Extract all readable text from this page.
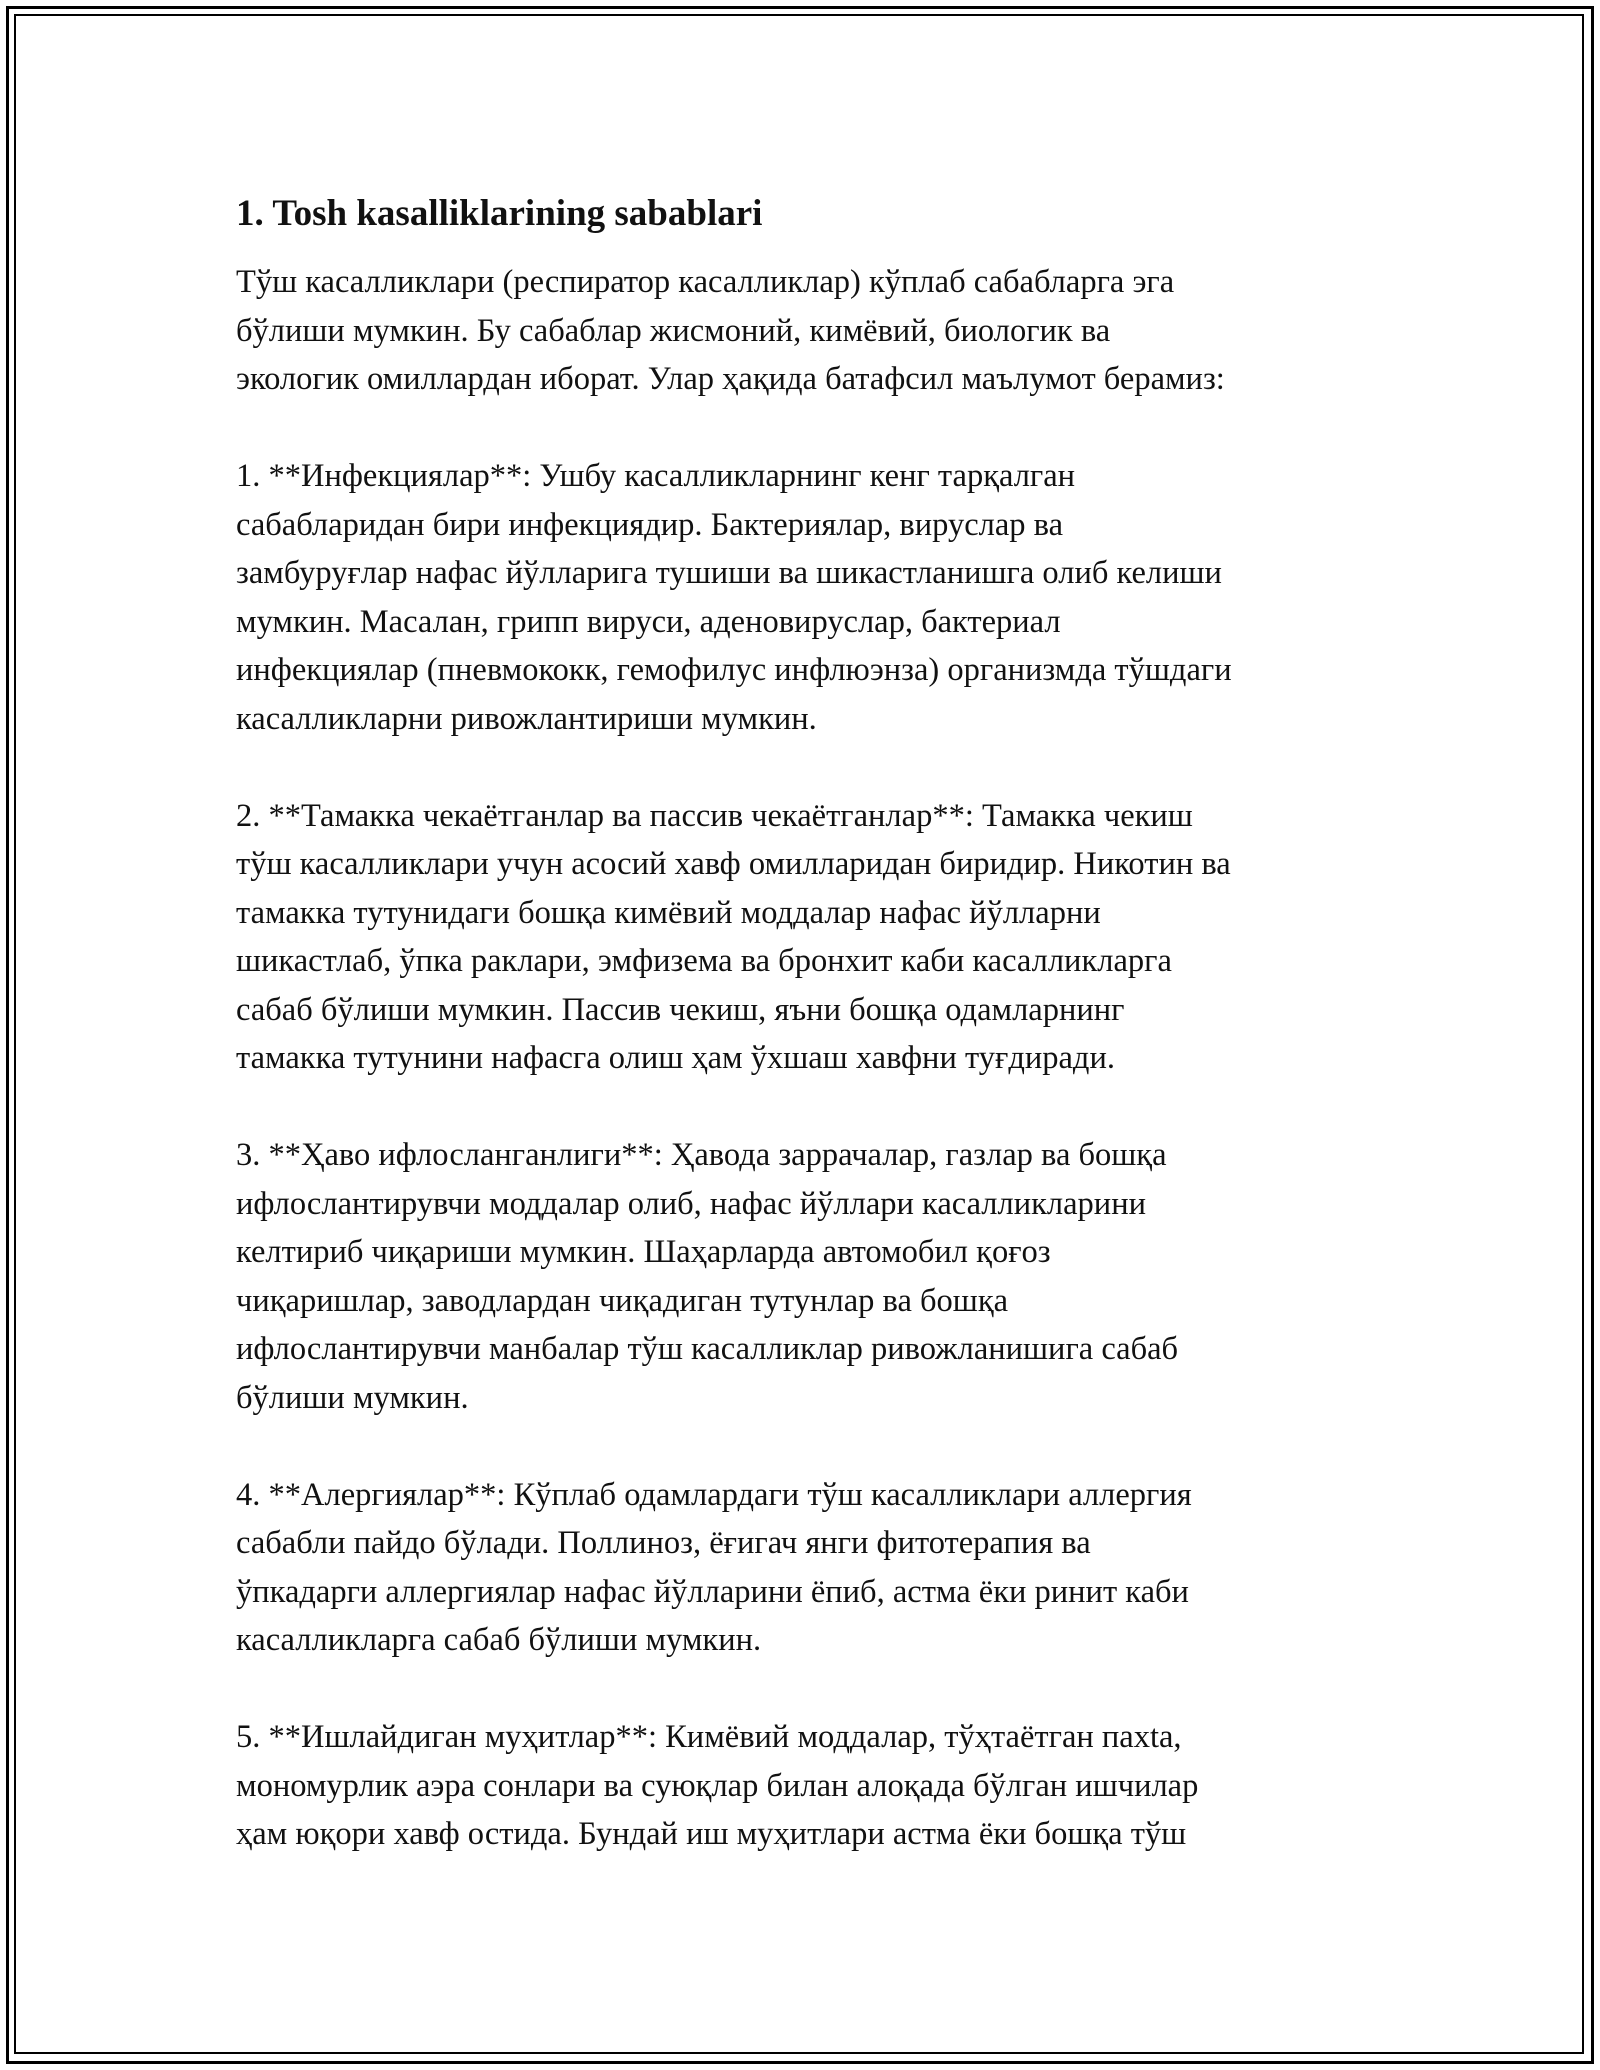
1. Tosh kasalliklarining sabablari

Тўш касалликлари (респиратор касалликлар) кўплаб сабабларга эга
бўлиши мумкин. Бу сабаблар жисмоний, кимёвий, биологик ва
экологик омиллардан иборат. Улар ҳақида батафсил маълумот берамиз:

1. **Инфекциялар**: Ушбу касалликларнинг кенг тарқалган
сабабларидан бири инфекциядир. Бактериялар, вируслар ва
замбуруғлар нафас йўлларига тушиши ва шикастланишга олиб келиши
мумкин. Масалан, грипп вируси, аденовируслар, бактериал
инфекциялар (пневмококк, гемофилус инфлюэнза) организмда тўшдаги
касалликларни ривожлантириши мумкин.

2. **Тамакка чекаётганлар ва пассив чекаётганлар**: Тамакка чекиш
тўш касалликлари учун асосий хавф омилларидан биридир. Никотин ва
тамакка тутунидаги бошқа кимёвий моддалар нафас йўлларни
шикастлаб, ўпка раклари, эмфизема ва бронхит каби касалликларга
сабаб бўлиши мумкин. Пассив чекиш, яъни бошқа одамларнинг
тамакка тутунини нафасга олиш ҳам ўхшаш хавфни туғдиради.

3. **Ҳаво ифлосланганлиги**: Ҳаводa заррачалар, газлар ва бошқа
ифлослантирувчи моддалар олиб, нафас йўллари касалликларини
келтириб чиқариши мумкин. Шаҳарларда автомобил қоғоз
чиқаришлар, заводлардан чиқадиган тутунлар ва бошқа
ифлослантирувчи манбалар тўш касалликлар ривожланишига сабаб
бўлиши мумкин.

4. **Алергиялар**: Кўплаб одамлардаги тўш касалликлари аллергия
сабабли пайдо бўлади. Поллиноз, ёғигач янги фитотерапия ва
ўпкадарги аллергиялар нафас йўлларини ёпиб, астма ёки ринит каби
касалликларга сабаб бўлиши мумкин.

5. **Ишлайдиган муҳитлар**: Кимёвий моддалар, тўҳтаётган пахta,
мономурлик аэра сонлари ва суюқлар билан алоқада бўлган ишчилар
ҳам юқори хавф остида. Бундай иш муҳитлари астма ёки бошқа тўш
